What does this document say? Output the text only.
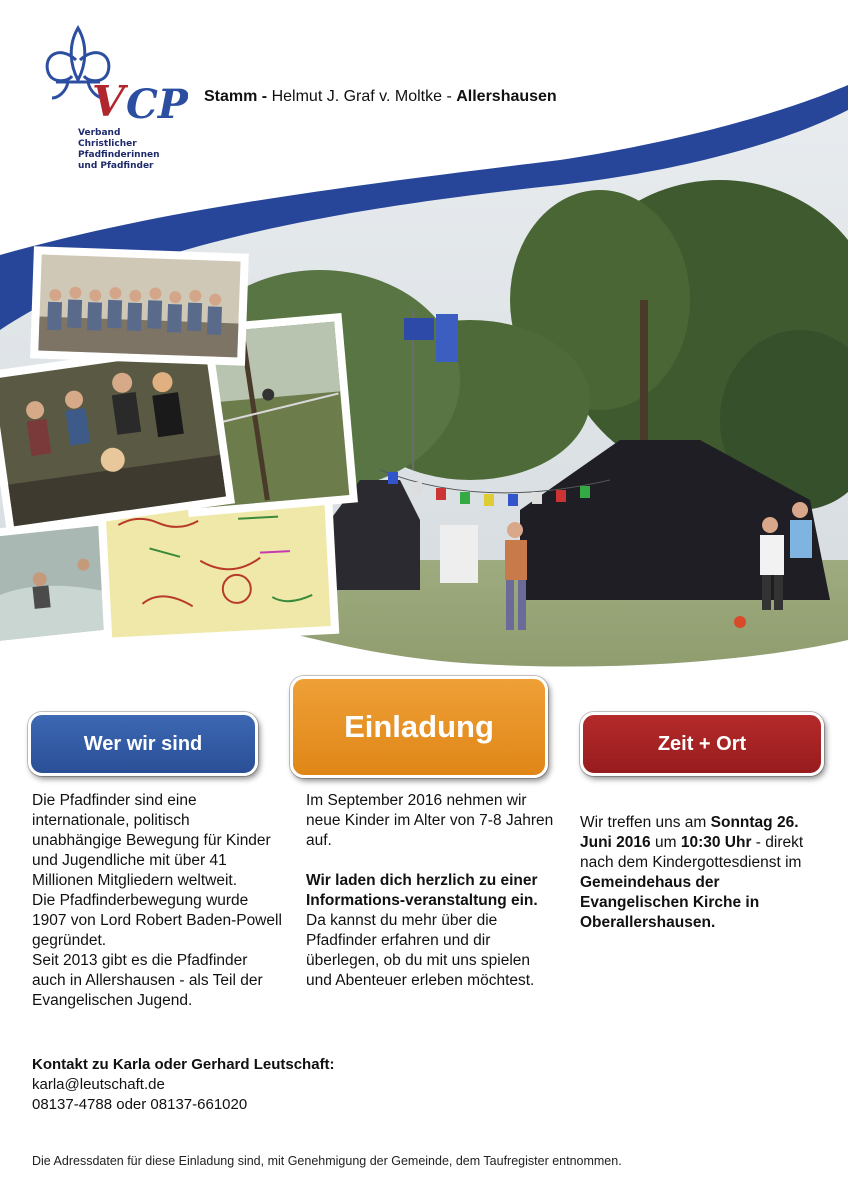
V CP
Verband
Christlicher
Pfadfinderinnen
und Pfadfinder
Stamm - Helmut J. Graf v. Moltke - Allershausen
Wer wir sind	Einladung	Zeit + Ort

Die Pfadfinder sind eine internationale, politisch unabhängige Bewegung für Kinder und Jugendliche mit über 41 Millionen Mitgliedern weltweit.

Die Pfadfinderbewegung wurde 1907 von Lord Robert Baden-Powell gegründet.

Seit 2013 gibt es die Pfadfinder auch in Allershausen - als Teil der Evangelischen Jugend.

Im September 2016 nehmen wir neue Kinder im Alter von 7-8 Jahren auf.

Wir laden dich herzlich zu einer Informations-veranstaltung ein.

Da kannst du mehr über die Pfadfinder erfahren und dir überlegen, ob du mit uns spielen und Abenteuer erleben möchtest.

Wir treffen uns am Sonntag 26. Juni 2016 um 10:30 Uhr - direkt nach dem Kindergottesdienst im Gemeindehaus der Evangelischen Kirche in Oberallershausen.

Kontakt zu Karla oder Gerhard Leutschaft:

karla@leutschaft.de

08137-4788 oder 08137-661020

Die Adressdaten für diese Einladung sind, mit Genehmigung der Gemeinde, dem Taufregister entnommen.
